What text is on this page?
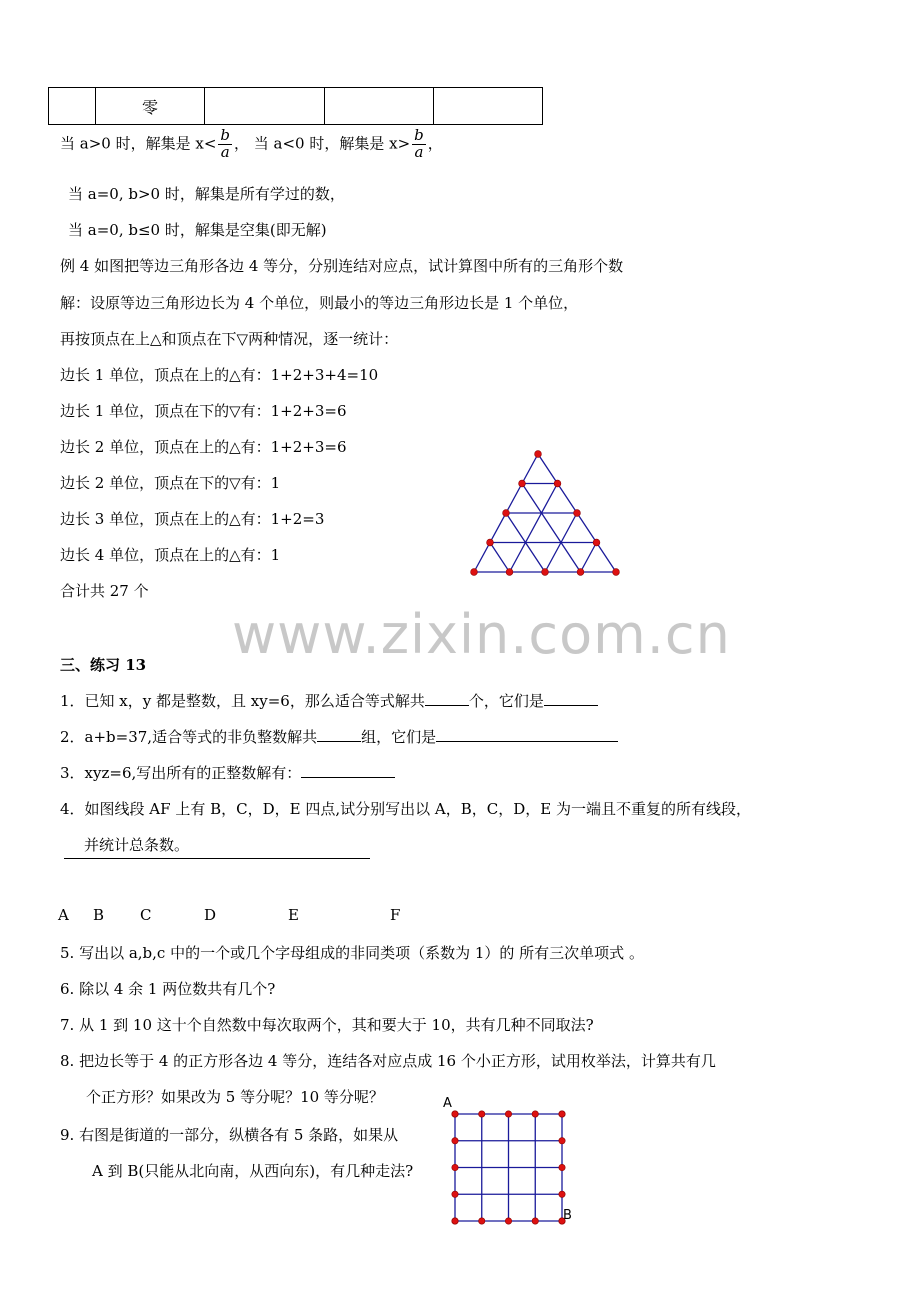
	零			
当 a>0 时，解集是 $x< \frac{b}{a}$ ， 当 a<0 时，解集是 $x> \frac{b}{a}$ ，
当 a=0, b>0 时，解集是所有学过的数，
当 a=0, b≤0 时，解集是空集(即无解)
例 4 如图把等边三角形各边 4 等分，分别连结对应点，试计算图中所有的三角形个数
解：设原等边三角形边长为 4 个单位，则最小的等边三角形边长是 1 个单位，
再按顶点在上△和顶点在下▽两种情况，逐一统计：
边长 1 单位，顶点在上的△有：1+2+3+4=10
边长 1 单位，顶点在下的▽有：1+2+3=6
边长 2 单位，顶点在上的△有：1+2+3=6
边长 2 单位，顶点在下的▽有：1
边长 3 单位，顶点在上的△有：1+2=3
边长 4 单位，顶点在上的△有：1
合计共 27 个
www.zixin.com.cn
三、练习 13
1．已知 x，y 都是整数，且 xy=6，那么适合等式解共	个，它们是
2．a+b=37,适合等式的非负整数解共	组，它们是
3．xyz=6,写出所有的正整数解有：
4．如图线段 AF 上有 B，C，D，E 四点,试分别写出以 A，B，C，D，E 为一端且不重复的所有线段，
并统计总条数。
A B C	D	E	F
5. 写出以 a,b,c 中的一个或几个字母组成的非同类项（系数为 1）的 所有三次单项式 。
6. 除以 4 余 1 两位数共有几个?
7. 从 1 到 10 这十个自然数中每次取两个，其和要大于 10，共有几种不同取法?
8. 把边长等于 4 的正方形各边 4 等分，连结各对应点成 16 个小正方形，试用枚举法，计算共有几
个正方形？如果改为 5 等分呢？10 等分呢？	A
B
9. 右图是街道的一部分，纵横各有 5 条路，如果从
A 到 B(只能从北向南，从西向东)，有几种走法?
